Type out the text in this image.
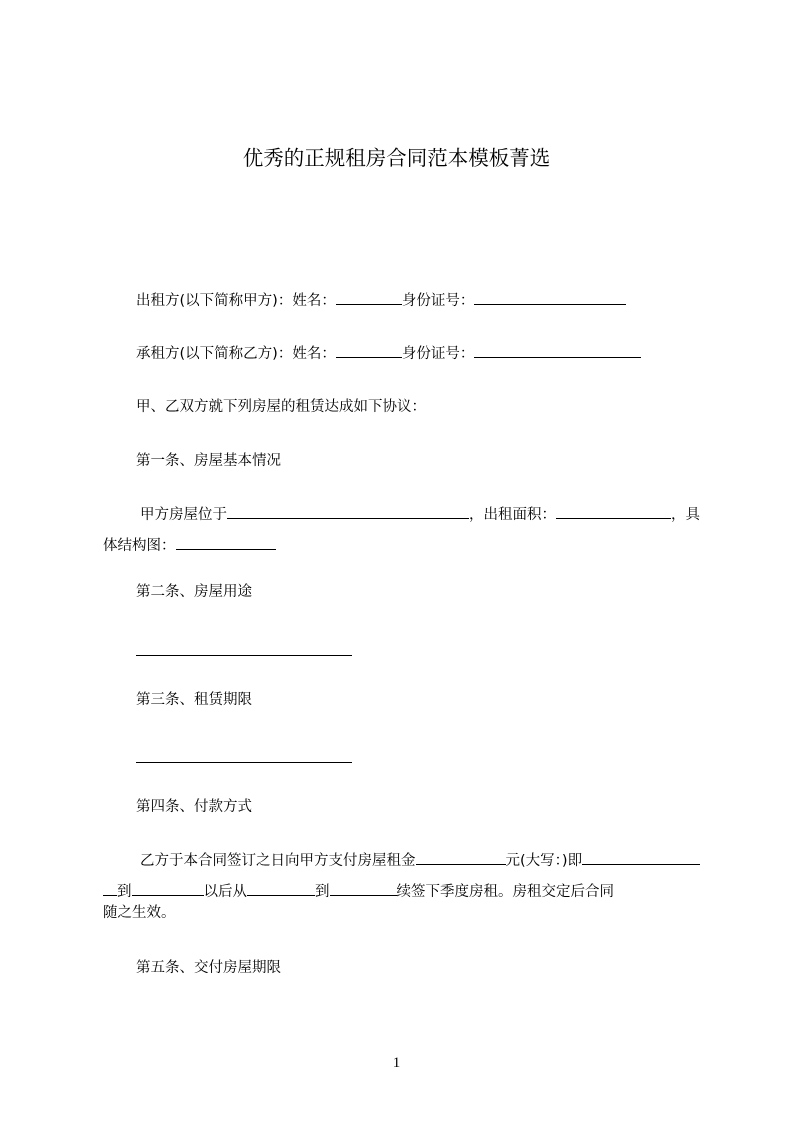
优秀的正规租房合同范本模板菁选
出租方(以下简称甲方)：姓名：	身份证号：
承租方(以下简称乙方)：姓名：	身份证号：
甲、乙双方就下列房屋的租赁达成如下协议：
第一条、房屋基本情况
甲方房屋位于	，出租面积：	，具
体结构图：
第二条、房屋用途
第三条、租赁期限
第四条、付款方式
乙方于本合同签订之日向甲方支付房屋租金	元(大写：)即
到	以后从	到	续签下季度房租。房租交定后合同
随之生效。
第五条、交付房屋期限
1
